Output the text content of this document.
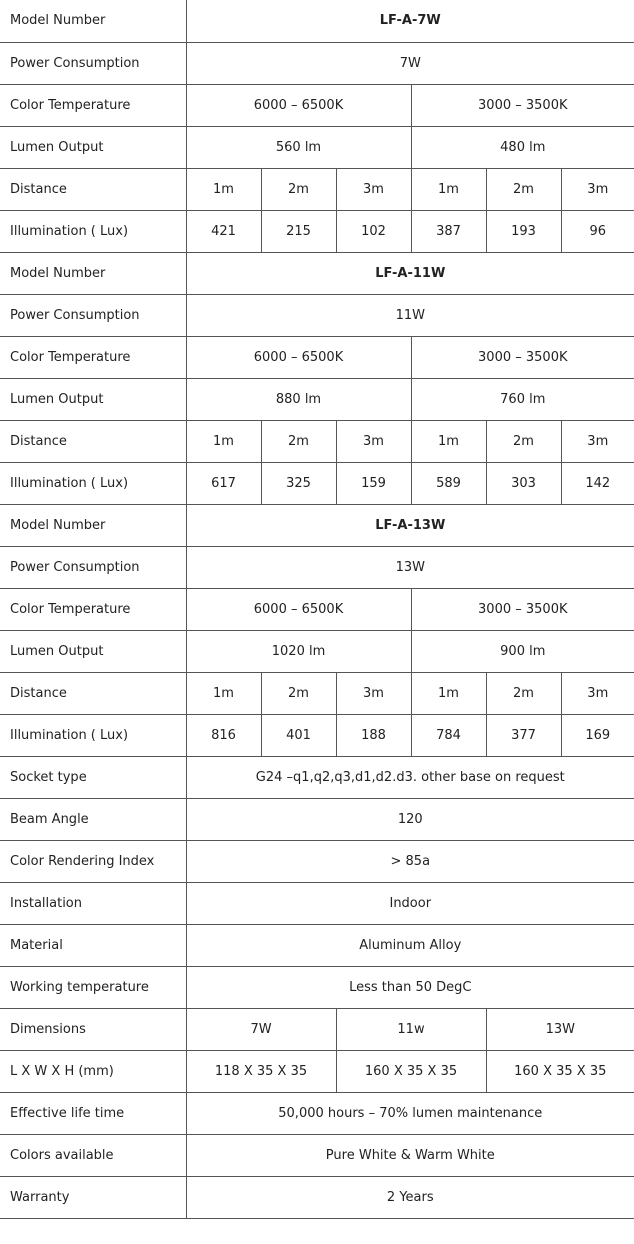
Model Number	LF-A-7W					
Power Consumption	7W					
Color Temperature	6000 – 6500K			3000 – 3500K		
Lumen Output	560 lm			480 lm		
Distance	1m	2m	3m	1m	2m	3m
Illumination ( Lux)	421	215	102	387	193	96
Model Number	LF-A-11W					
Power Consumption	11W					
Color Temperature	6000 – 6500K			3000 – 3500K		
Lumen Output	880 lm			760 lm		
Distance	1m	2m	3m	1m	2m	3m
Illumination ( Lux)	617	325	159	589	303	142
Model Number	LF-A-13W					
Power Consumption	13W					
Color Temperature	6000 – 6500K			3000 – 3500K		
Lumen Output	1020 lm			900 lm		
Distance	1m	2m	3m	1m	2m	3m
Illumination ( Lux)	816	401	188	784	377	169
Socket type	G24 –q1,q2,q3,d1,d2.d3. other base on request					
Beam Angle	120					
Color Rendering Index	> 85a					
Installation	Indoor					
Material	Aluminum Alloy					
Working temperature	Less than 50 DegC					
Dimensions	7W		11w		13W	
L X W X H (mm)	118 X 35 X 35		160 X 35 X 35		160 X 35 X 35	
Effective life time	50,000 hours – 70% lumen maintenance					
Colors available	Pure White & Warm White					
Warranty	2 Years					
